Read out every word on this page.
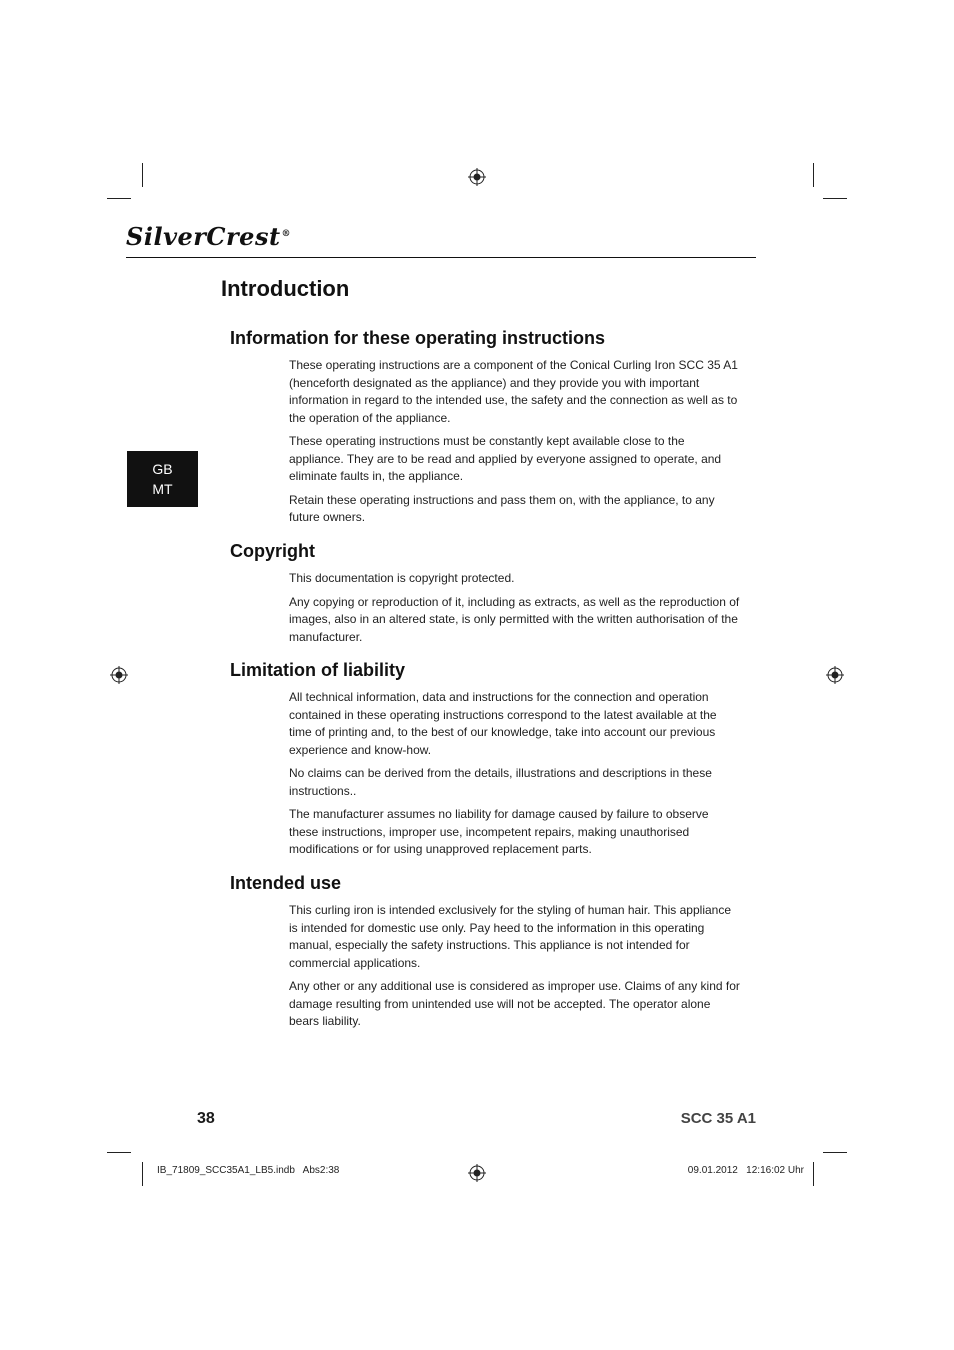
SilverCrest®
Introduction
GB
MT
Information for these operating instructions

These operating instructions are a component of the Conical Curling Iron SCC 35 A1 (henceforth designated as the appliance) and they provide you with important information in regard to the intended use, the safety and the connection as well as to the operation of the appliance.

These operating instructions must be constantly kept available close to the appliance. They are to be read and applied by everyone assigned to operate, and eliminate faults in, the appliance.

Retain these operating instructions and pass them on, with the appliance, to any future owners.

Copyright

This documentation is copyright protected.

Any copying or reproduction of it, including as extracts, as well as the reproduction of images, also in an altered state, is only permitted with the written authorisation of the manufacturer.

Limitation of liability

All technical information, data and instructions for the connection and operation contained in these operating instructions correspond to the latest available at the time of printing and, to the best of our knowledge, take into account our previous experience and know-how.

No claims can be derived from the details, illustrations and descriptions in these instructions..

The manufacturer assumes no liability for damage caused by failure to observe these instructions, improper use, incompetent repairs, making unauthorised modifications or for using unapproved replacement parts.

Intended use

This curling iron is intended exclusively for the styling of human hair. This appliance is intended for domestic use only. Pay heed to the information in this operating manual, especially the safety instructions. This appliance is not intended for commercial applications.

Any other or any additional use is considered as improper use. Claims of any kind for damage resulting from unintended use will not be accepted. The operator alone bears liability.

38	SCC 35 A1
IB_71809_SCC35A1_LB5.indb   Abs2:38	09.01.2012   12:16:02 Uhr
